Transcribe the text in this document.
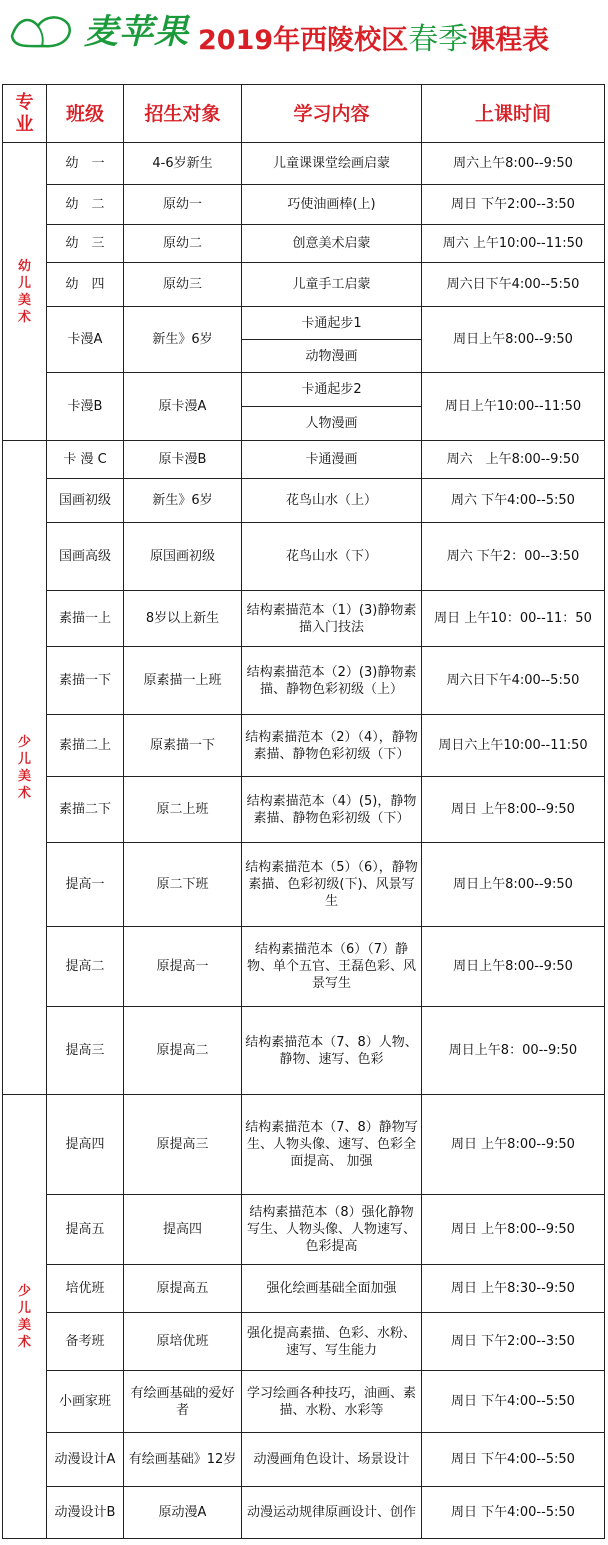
麦苹果 2019年西陵校区春季课程表
专
业	班级	招生对象	学习内容	上课时间
幼
儿
美
术	幼　一	4-6岁新生	儿童课课堂绘画启蒙	周六上午8:00--9:50
	幼　二	原幼一	巧使油画棒(上)	周日 下午2:00--3:50
	幼　三	原幼二	创意美术启蒙	周六 上午10:00--11:50
	幼　四	原幼三	儿童手工启蒙	周六日下午4:00--5:50
	卡漫A	新生》6岁	卡通起步1	周日上午8:00--9:50
			动物漫画	
	卡漫B	原卡漫A	卡通起步2	周日上午10:00--11:50
			人物漫画	
少
儿
美
术	卡 漫 C	原卡漫B	卡通漫画	周六　上午8:00--9:50
	国画初级	新生》6岁	花鸟山水（上）	周六 下午4:00--5:50
	国画高级	原国画初级	花鸟山水（下）	周六 下午2：00--3:50
	素描一上	8岁以上新生	结构素描范本（1）(3)静物素描入门技法	周日 上午10：00--11：50
	素描一下	原素描一上班	结构素描范本（2）(3)静物素描、静物色彩初级（上）	周六日下午4:00--5:50
	素描二上	原素描一下	结构素描范本（2）（4），静物素描、静物色彩初级（下）	周日六上午10:00--11:50
	素描二下	原二上班	结构素描范本（4）(5)，静物素描、静物色彩初级（下）	周日 上午8:00--9:50
	提高一	原二下班	结构素描范本（5）（6），静物素描、色彩初级(下)、风景写生	周日上午8:00--9:50
	提高二	原提高一	结构素描范本（6）（7）静物、单个五官、王磊色彩、风景写生	周日上午8:00--9:50
	提高三	原提高二	结构素描范本（7、8）人物、静物、速写、色彩	周日上午8：00--9:50
少
儿
美
术	提高四	原提高三	结构素描范本（7、8）静物写生、人物头像、速写、色彩全面提高、 加强	周日 上午8:00--9:50
	提高五	提高四	结构素描范本（8）强化静物写生、人物头像、人物速写、色彩提高	周日 上午8:00--9:50
	培优班	原提高五	强化绘画基础全面加强	周日 上午8:30--9:50
	备考班	原培优班	强化提高素描、色彩、水粉、速写、写生能力	周日 下午2:00--3:50
	小画家班	有绘画基础的爱好者	学习绘画各种技巧，油画、素描、水粉、水彩等	周日 下午4:00--5:50
	动漫设计A	有绘画基础》12岁	动漫画角色设计、场景设计	周日 下午4:00--5:50
	动漫设计B	原动漫A	动漫运动规律原画设计、创作	周日 下午4:00--5:50
